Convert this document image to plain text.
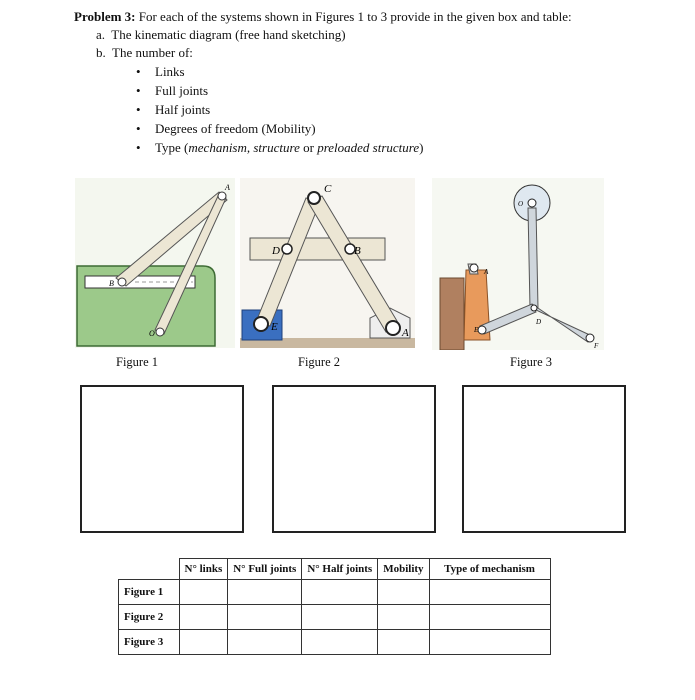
Problem 3: For each of the systems shown in Figures 1 to 3 provide in the given box and table:
a. The kinematic diagram (free hand sketching)
b. The number of:
• Links
• Full joints
• Half joints
• Degrees of freedom (Mobility)
• Type (mechanism, structure or preloaded structure)
A
B
O
Figure 1
C
D	B
E	A
Figure 2
A
D
E
F
O
Figure 3
	N° links	N° Full joints	N° Half joints	Mobility	Type of mechanism
Figure 1					
Figure 2					
Figure 3					
